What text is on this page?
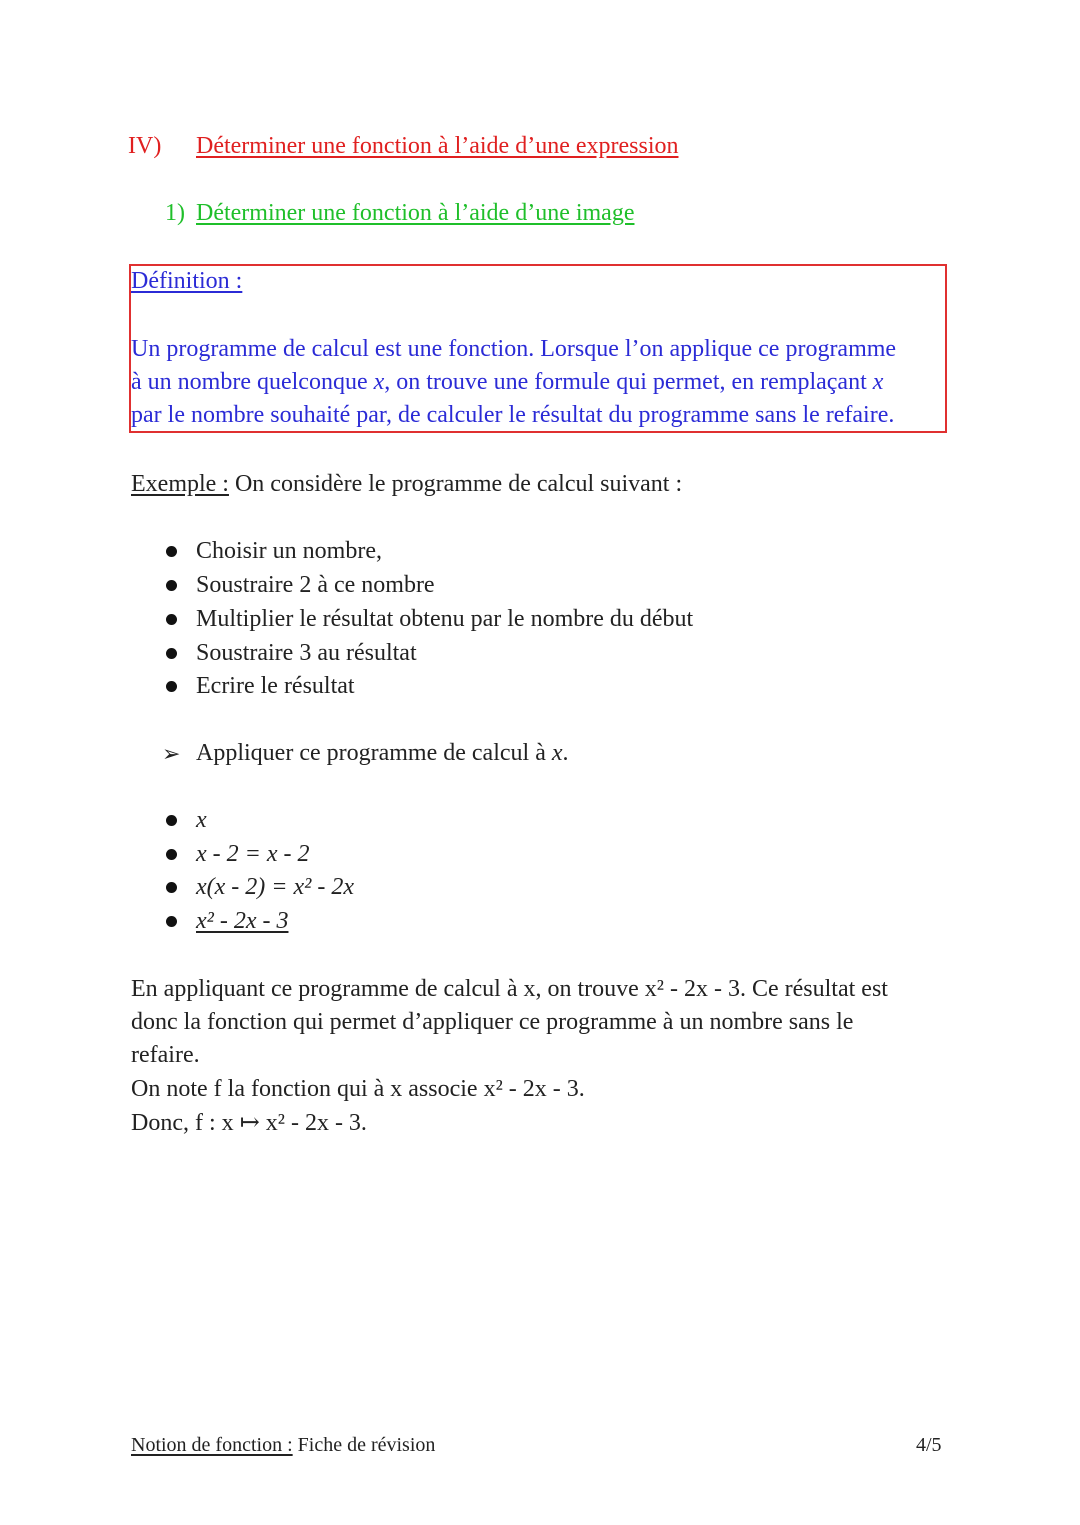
IV) Déterminer une fonction à l’aide d’une expression
1) Déterminer une fonction à l’aide d’une image
Définition :
Un programme de calcul est une fonction. Lorsque l’on applique ce programme
à un nombre quelconque x, on trouve une formule qui permet, en remplaçant x
par le nombre souhaité par, de calculer le résultat du programme sans le refaire.
Exemple : On considère le programme de calcul suivant :
Choisir un nombre,
Soustraire 2 à ce nombre
Multiplier le résultat obtenu par le nombre du début
Soustraire 3 au résultat
Ecrire le résultat
➢ Appliquer ce programme de calcul à x.
x
x - 2 = x - 2
x(x - 2) = x² - 2x
x² - 2x - 3
En appliquant ce programme de calcul à x, on trouve x² - 2x - 3. Ce résultat est
donc la fonction qui permet d’appliquer ce programme à un nombre sans le
refaire.
On note f la fonction qui à x associe x² - 2x - 3.
Donc, f : x ↦ x² - 2x - 3.
Notion de fonction : Fiche de révision	4/5
